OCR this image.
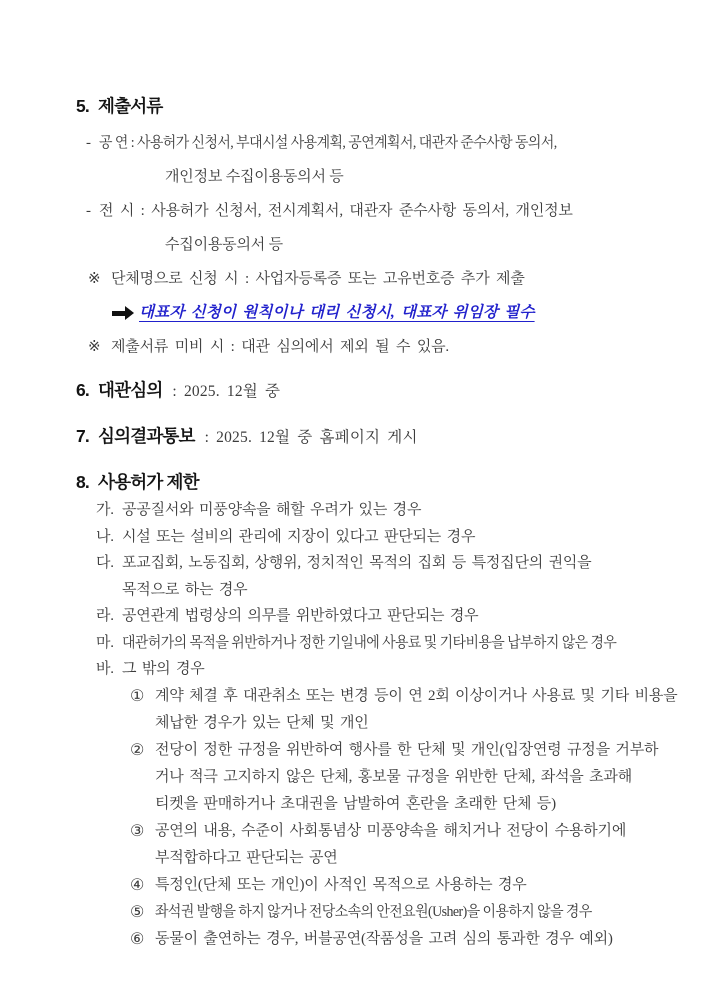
5. 제출서류
- 공 연 : 사용허가 신청서, 부대시설 사용계획, 공연계획서, 대관자 준수사항 동의서,
개인정보 수집이용동의서 등
- 전 시 : 사용허가 신청서, 전시계획서, 대관자 준수사항 동의서, 개인정보
수집이용동의서 등
※ 단체명으로 신청 시 : 사업자등록증 또는 고유번호증 추가 제출
대표자 신청이 원칙이나 대리 신청시, 대표자 위임장 필수
※ 제출서류 미비 시 : 대관 심의에서 제외 될 수 있음.
6. 대관심의 : 2025. 12월 중
7. 심의결과통보 : 2025. 12월 중 홈페이지 게시
8. 사용허가 제한
가. 공공질서와 미풍양속을 해할 우려가 있는 경우
나. 시설 또는 설비의 관리에 지장이 있다고 판단되는 경우
다. 포교집회, 노동집회, 상행위, 정치적인 목적의 집회 등 특정집단의 권익을
목적으로 하는 경우
라. 공연관계 법령상의 의무를 위반하였다고 판단되는 경우
마. 대관허가의 목적을 위반하거나 정한 기일내에 사용료 및 기타비용을 납부하지 않은 경우
바. 그 밖의 경우
① 계약 체결 후 대관취소 또는 변경 등이 연 2회 이상이거나 사용료 및 기타 비용을
체납한 경우가 있는 단체 및 개인
② 전당이 정한 규정을 위반하여 행사를 한 단체 및 개인(입장연령 규정을 거부하
거나 적극 고지하지 않은 단체, 홍보물 규정을 위반한 단체, 좌석을 초과해
티켓을 판매하거나 초대권을 남발하여 혼란을 초래한 단체 등)
③ 공연의 내용, 수준이 사회통념상 미풍양속을 해치거나 전당이 수용하기에
부적합하다고 판단되는 공연
④ 특정인(단체 또는 개인)이 사적인 목적으로 사용하는 경우
⑤ 좌석권 발행을 하지 않거나 전당소속의 안전요원(Usher)을 이용하지 않을 경우
⑥ 동물이 출연하는 경우, 버블공연(작품성을 고려 심의 통과한 경우 예외)
